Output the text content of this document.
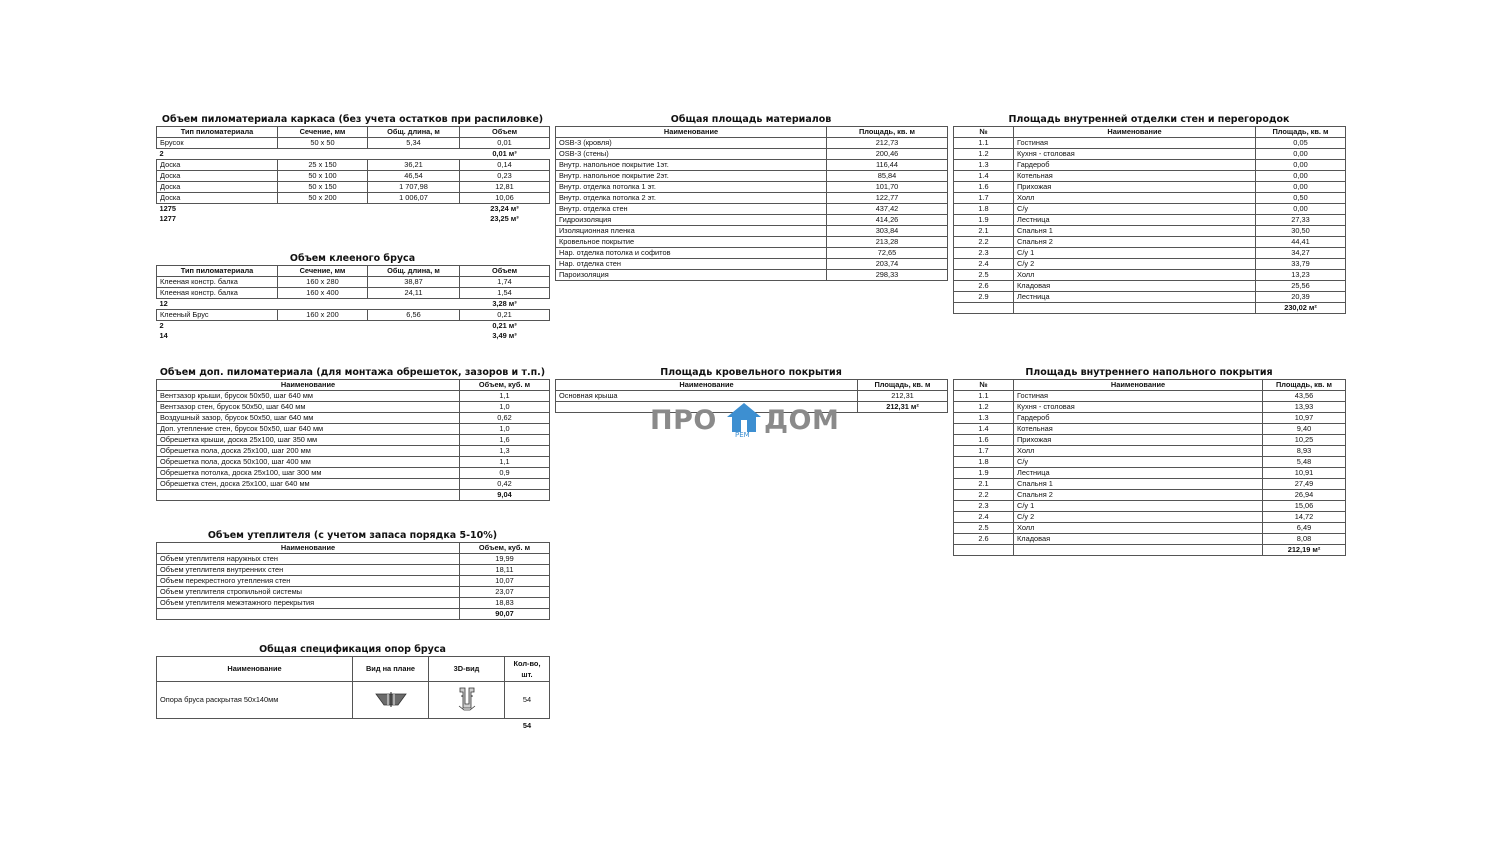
Объем пиломатериала каркаса (без учета остатков при распиловке)
Тип пиломатериала	Сечение, мм	Общ. длина, м	Объем
Брусок	50 x 50	5,34	0,01
2			0,01 м³
Доска	25 x 150	36,21	0,14
Доска	50 x 100	46,54	0,23
Доска	50 x 150	1 707,98	12,81
Доска	50 x 200	1 006,07	10,06
1275			23,24 м³
1277			23,25 м³
Объем клееного бруса
Тип пиломатериала	Сечение, мм	Общ. длина, м	Объем
Клееная констр. балка	160 x 280	38,87	1,74
Клееная констр. балка	160 x 400	24,11	1,54
12			3,28 м³
Клееный Брус	160 x 200	6,56	0,21
2			0,21 м³
14			3,49 м³
Объем доп. пиломатериала (для монтажа обрешеток, зазоров и т.п.)
Наименование	Объем, куб. м
Вентзазор крыши, брусок 50х50, шаг 640 мм	1,1
Вентзазор стен, брусок 50х50, шаг 640 мм	1,0
Воздушный зазор, брусок 50х50, шаг 640 мм	0,62
Доп. утепление стен, брусок 50х50, шаг 640 мм	1,0
Обрешетка крыши, доска 25х100, шаг 350 мм	1,6
Обрешетка пола, доска 25х100, шаг 200 мм	1,3
Обрешетка пола, доска 50х100, шаг 400 мм	1,1
Обрешетка потолка, доска 25х100, шаг 300 мм	0,9
Обрешетка стен, доска 25х100, шаг 640 мм	0,42
	9,04
Объем утеплителя (с учетом запаса порядка 5-10%)
Наименование	Объем, куб. м
Объем утеплителя наружных стен	19,99
Объем утеплителя внутренних стен	18,11
Объем перекрестного утепления стен	10,07
Объем утеплителя стропильной системы	23,07
Объем утеплителя межэтажного перекрытия	18,83
	90,07
Общая спецификация опор бруса
Наименование	Вид на плане	3D-вид	Кол-во, шт.
Опора бруса раскрытая 50х140мм			54
			54
Общая площадь материалов
Наименование	Площадь, кв. м
OSB-3 (кровля)	212,73
OSB-3 (стены)	200,46
Внутр. напольное покрытие 1эт.	116,44
Внутр. напольное покрытие 2эт.	85,84
Внутр. отделка потолка 1 эт.	101,70
Внутр. отделка потолка 2 эт.	122,77
Внутр. отделка стен	437,42
Гидроизоляция	414,26
Изоляционная пленка	303,84
Кровельное покрытие	213,28
Нар. отделка потолка и софитов	72,65
Нар. отделка стен	203,74
Пароизоляция	298,33
Площадь кровельного покрытия
Наименование	Площадь, кв. м
Основная крыша	212,31
	212,31 м²
ПРО	РЕМ ДОМ
Площадь внутренней отделки стен и перегородок
№	Наименование	Площадь, кв. м
1.1	Гостиная	0,05
1.2	Кухня - столовая	0,00
1.3	Гардероб	0,00
1.4	Котельная	0,00
1.6	Прихожая	0,00
1.7	Холл	0,50
1.8	С/у	0,00
1.9	Лестница	27,33
2.1	Спальня 1	30,50
2.2	Спальня 2	44,41
2.3	С/у 1	34,27
2.4	С/у 2	33,79
2.5	Холл	13,23
2.6	Кладовая	25,56
2.9	Лестница	20,39
		230,02 м²
Площадь внутреннего напольного покрытия
№	Наименование	Площадь, кв. м
1.1	Гостиная	43,56
1.2	Кухня - столовая	13,93
1.3	Гардероб	10,97
1.4	Котельная	9,40
1.6	Прихожая	10,25
1.7	Холл	8,93
1.8	С/у	5,48
1.9	Лестница	10,91
2.1	Спальня 1	27,49
2.2	Спальня 2	26,94
2.3	С/у 1	15,06
2.4	С/у 2	14,72
2.5	Холл	6,49
2.6	Кладовая	8,08
		212,19 м²
